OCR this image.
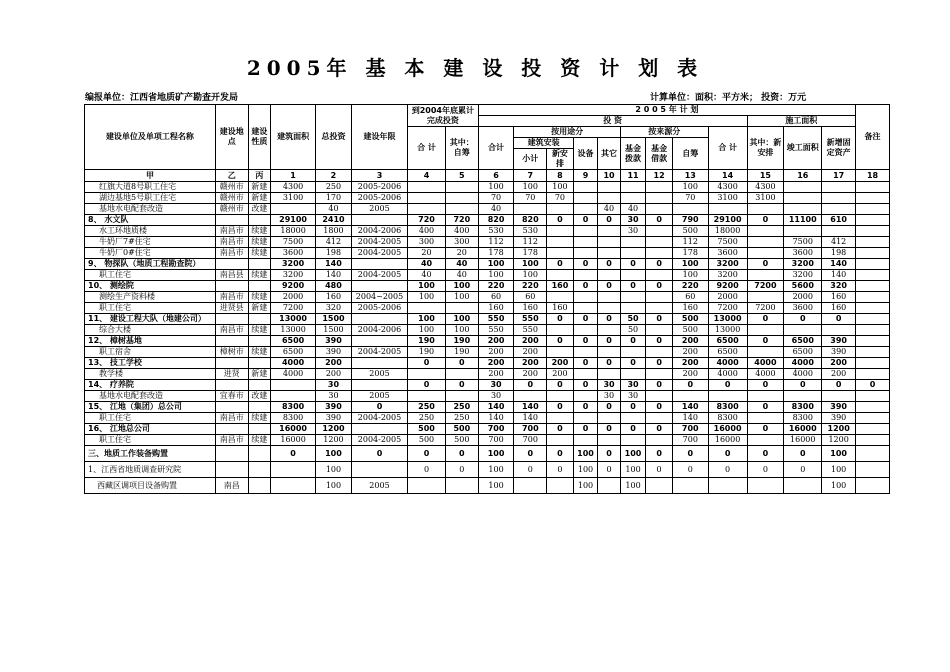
2005年 基 本 建 设 投 资 计 划 表
编报单位：江西省地质矿产勘查开发局	计算单位：面积：平方米； 投资：万元
建设单位及单项工程名称	建设地点	建设性质	建筑面积	总投资	建设年限	到2004年底累计完成投资		2 0 0 5 年 计 划												备注
								投 资									施工面积			
						合 计	其中：自筹	合计	按用途分				按来源分			合 计	其中：新安排	竣工面积	新增固定资产	
									建筑安装		设备	其它	基金拨款	基金借款	自筹					
									小计	新安排										
甲	乙	丙	1	2	3	4	5	6	7	8	9	10	11	12	13	14	15	16	17	18
红旗大道8号职工住宅	赣州市	新建	4300	250	2005-2006			100	100	100					100	4300	4300			
湖边基地5号职工住宅	赣州市	新建	3100	170	2005-2006			70	70	70					70	3100	3100			
基地水电配套改造	赣州市	改建		40	2005			40				40	40							
8、 水文队			29100	2410		720	720	820	820	0	0	0	30	0	790	29100	0	11100	610	
水工环地质楼	南昌市	续建	18000	1800	2004-2006	400	400	530	530				30		500	18000				
牛奶厂7#住宅	南昌市	续建	7500	412	2004-2005	300	300	112	112						112	7500		7500	412	
牛奶厂0#住宅	南昌市	续建	3600	198	2004-2005	20	20	178	178						178	3600		3600	198	
9、 物探队（地质工程勘查院）			3200	140		40	40	100	100	0	0	0	0	0	100	3200	0	3200	140	
职工住宅	南昌县	续建	3200	140	2004-2005	40	40	100	100						100	3200		3200	140	
10、 测绘院			9200	480		100	100	220	220	160	0	0	0	0	220	9200	7200	5600	320	
测绘生产资料楼	南昌市	续建	2000	160	2004~2005	100	100	60	60						60	2000		2000	160	
职工住宅	进贤县	新建	7200	320	2005-2006			160	160	160					160	7200	7200	3600	160	
11、 建设工程大队（地建公司）			13000	1500		100	100	550	550	0	0	0	50	0	500	13000	0	0	0	
综合大楼	南昌市	续建	13000	1500	2004-2006	100	100	550	550				50		500	13000				
12、 樟树基地			6500	390		190	190	200	200	0	0	0	0	0	200	6500	0	6500	390	
职工宿舍	樟树市	续建	6500	390	2004-2005	190	190	200	200						200	6500		6500	390	
13、 技工学校			4000	200		0	0	200	200	200	0	0	0	0	200	4000	4000	4000	200	
教学楼	进贤	新建	4000	200	2005			200	200	200					200	4000	4000	4000	200	
14、 疗养院				30		0	0	30	0	0	0	30	30	0	0	0	0	0	0	0
基地水电配套改造	宜春市	改建		30	2005			30				30	30							
15、 江地（集团）总公司			8300	390	0	250	250	140	140	0	0	0	0	0	140	8300	0	8300	390	
职工住宅	南昌市	续建	8300	390	2004-2005	250	250	140	140						140	8300		8300	390	
16、 江地总公司			16000	1200		500	500	700	700	0	0	0	0	0	700	16000	0	16000	1200	
职工住宅	南昌市	续建	16000	1200	2004-2005	500	500	700	700						700	16000		16000	1200	
三、地质工作装备购置			0	100	0	0	0	100	0	0	100	0	100	0	0	0	0	0	100	
1、江西省地质调查研究院				100		0	0	100	0	0	100	0	100	0	0	0	0	0	100	
西藏区调项目设备购置	南昌			100	2005			100			100		100						100	
